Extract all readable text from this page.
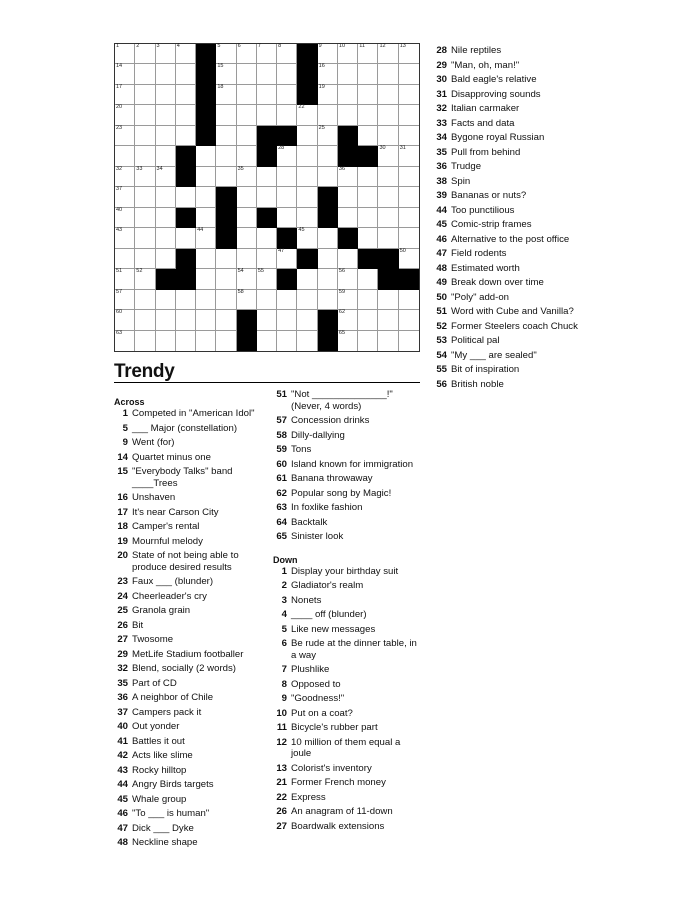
1	2	3	4	5	6	7	8	9	10	11	12	13
14	15	16
17	18	19
20	22
23	25
28	30	31
32	33	34	35	36
37
40
43	44	45
47	50
51	52	54	55	56
57	58	59
60	62
63	65
Trendy
Across
1 Competed in "American Idol"
5 ___ Major (constellation)
9 Went (for)
14 Quartet minus one
15 "Everybody Talks" band ____Trees
16 Unshaven
17 It's near Carson City
18 Camper's rental
19 Mournful melody
20 State of not being able to produce desired results
23 Faux ___ (blunder)
24 Cheerleader's cry
25 Granola grain
26 Bit
27 Twosome
29 MetLife Stadium footballer
32 Blend, socially (2 words)
35 Part of CD
36 A neighbor of Chile
37 Campers pack it
40 Out yonder
41 Battles it out
42 Acts like slime
43 Rocky hilltop
44 Angry Birds targets
45 Whale group
46 "To ___ is human"
47 Dick ___ Dyke
48 Neckline shape
51 "Not ______________!" (Never, 4 words)
57 Concession drinks
58 Dilly-dallying
59 Tons
60 Island known for immigration
61 Banana throwaway
62 Popular song by Magic!
63 In foxlike fashion
64 Backtalk
65 Sinister look
Down
1 Display your birthday suit
2 Gladiator's realm
3 Nonets
4 ____ off (blunder)
5 Like new messages
6 Be rude at the dinner table, in a way
7 Plushlike
8 Opposed to
9 "Goodness!"
10 Put on a coat?
11 Bicycle's rubber part
12 10 million of them equal a joule
13 Colorist's inventory
21 Former French money
22 Express
26 An anagram of 11-down
27 Boardwalk extensions
28 Nile reptiles
29 "Man, oh, man!"
30 Bald eagle's relative
31 Disapproving sounds
32 Italian carmaker
33 Facts and data
34 Bygone royal Russian
35 Pull from behind
36 Trudge
38 Spin
39 Bananas or nuts?
44 Too punctilious
45 Comic-strip frames
46 Alternative to the post office
47 Field rodents
48 Estimated worth
49 Break down over time
50 "Poly" add-on
51 Word with Cube and Vanilla?
52 Former Steelers coach Chuck
53 Political pal
54 "My ___ are sealed"
55 Bit of inspiration
56 British noble
